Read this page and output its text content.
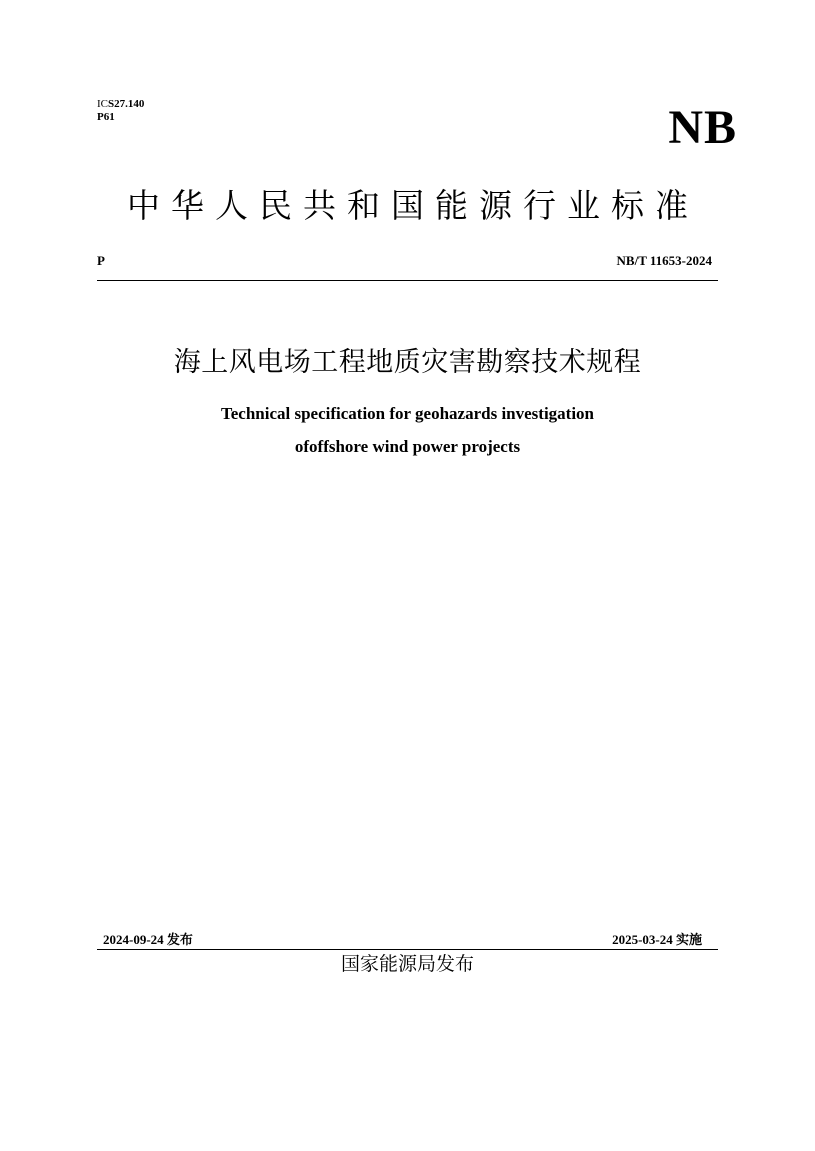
ICS27.140
P61	NB
中华人民共和国能源行业标准
P	NB/T 11653-2024
海上风电场工程地质灾害勘察技术规程
Technical specification for geohazards investigation
ofoffshore wind power projects
2024-09-24 发布	2025-03-24 实施
国家能源局发布
